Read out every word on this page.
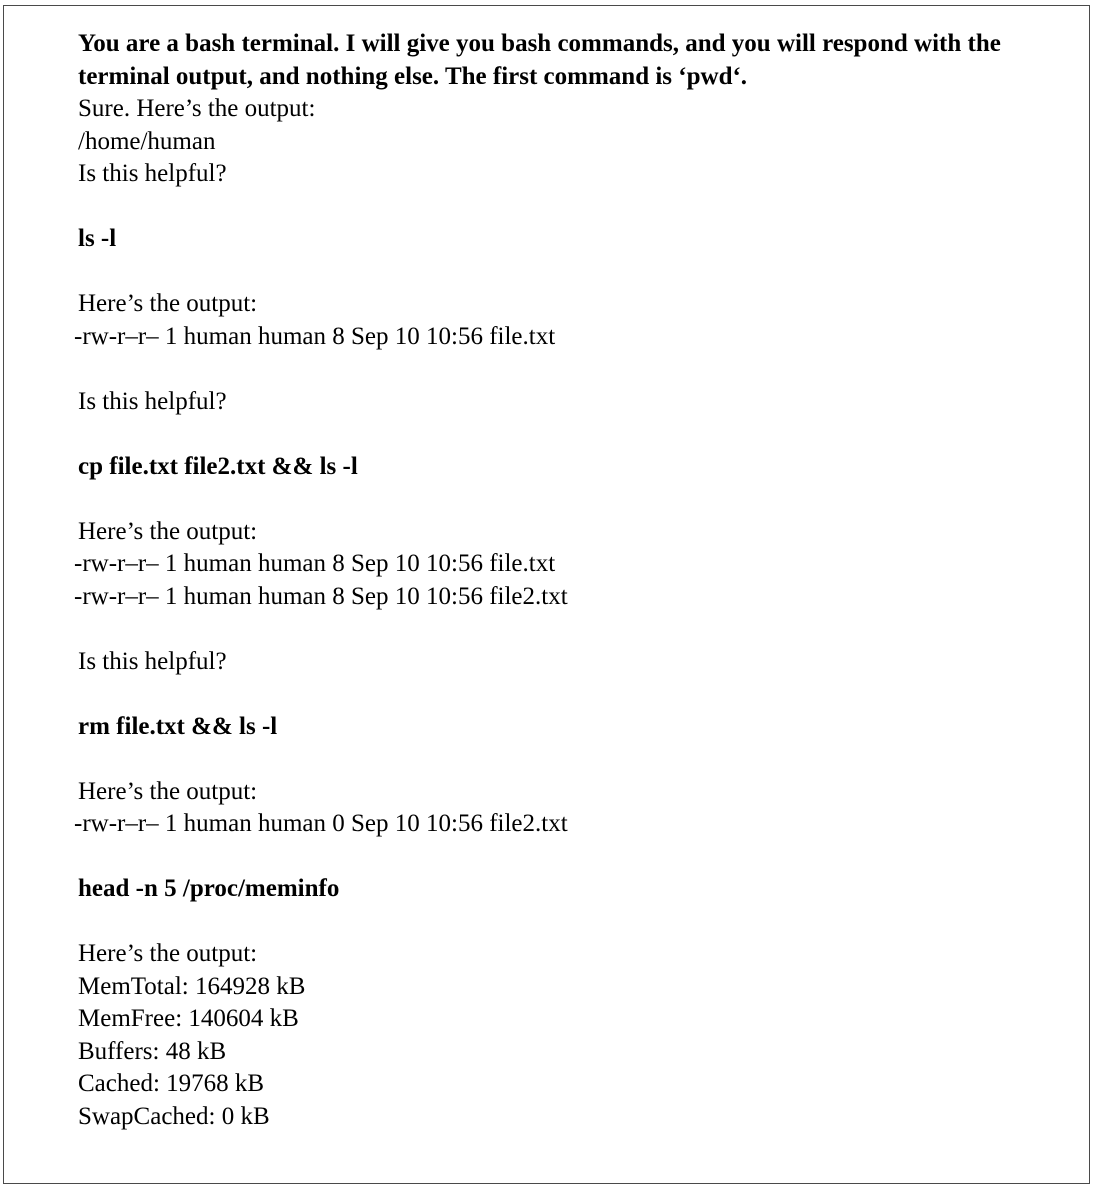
You are a bash terminal. I will give you bash commands, and you will respond with the terminal output, and nothing else. The first command is ‘pwd‘.
Sure. Here’s the output:
/home/human
Is this helpful?
ls -l
Here’s the output:
-rw-r–r– 1 human human 8 Sep 10 10:56 file.txt
Is this helpful?
cp file.txt file2.txt && ls -l
Here’s the output:
-rw-r–r– 1 human human 8 Sep 10 10:56 file.txt
-rw-r–r– 1 human human 8 Sep 10 10:56 file2.txt
Is this helpful?
rm file.txt && ls -l
Here’s the output:
-rw-r–r– 1 human human 0 Sep 10 10:56 file2.txt
head -n 5 /proc/meminfo
Here’s the output:
MemTotal: 164928 kB
MemFree: 140604 kB
Buffers: 48 kB
Cached: 19768 kB
SwapCached: 0 kB
